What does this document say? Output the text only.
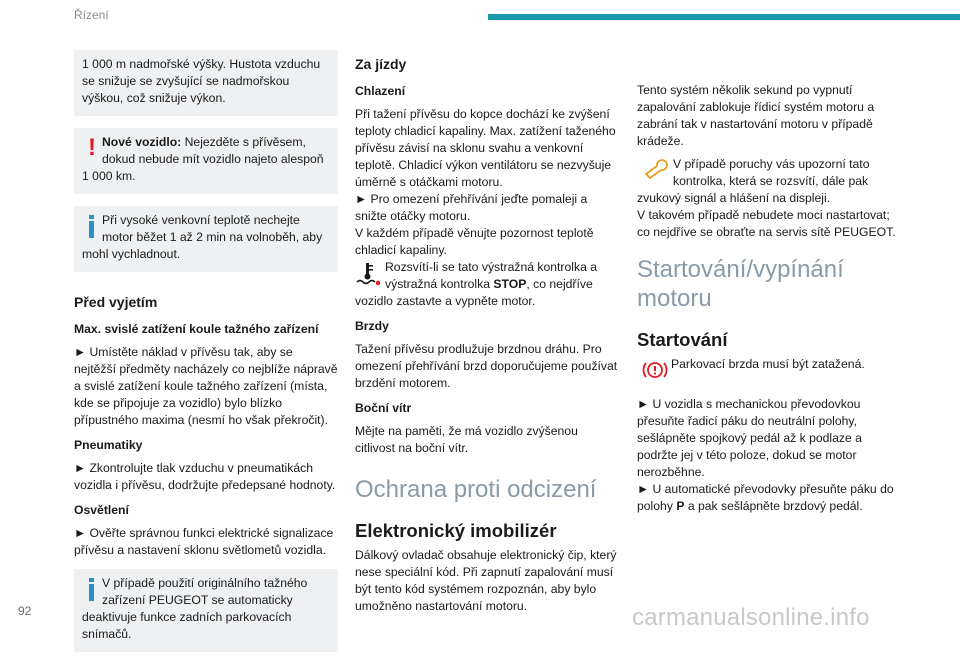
Řízení
1 000 m nadmořské výšky. Hustota vzduchu se snižuje se zvyšující se nadmořskou výškou, což snižuje výkon.
! Nové vozidlo: Nejezděte s přívěsem, dokud nebude mít vozidlo najeto alespoň 1 000 km.
Při vysoké venkovní teplotě nechejte motor běžet 1 až 2 min na volnoběh, aby mohl vychladnout.
Před vyjetím
Max. svislé zatížení koule tažného zařízení

► Umístěte náklad v přívěsu tak, aby se nejtěžší předměty nacházely co nejblíže nápravě a svislé zatížení koule tažného zařízení (místa, kde se připojuje za vozidlo) bylo blízko přípustného maxima (nesmí ho však překročit).

Pneumatiky

► Zkontrolujte tlak vzduchu v pneumatikách vozidla i přívěsu, dodržujte předepsané hodnoty.

Osvětlení

► Ověřte správnou funkci elektrické signalizace přívěsu a nastavení sklonu světlometů vozidla.

V případě použití originálního tažného zařízení PEUGEOT se automaticky deaktivuje funkce zadních parkovacích snímačů.
Za jízdy
Chlazení

Při tažení přívěsu do kopce dochází ke zvýšení teploty chladicí kapaliny. Max. zatížení taženého přívěsu závisí na sklonu svahu a venkovní teplotě. Chladicí výkon ventilátoru se nezvyšuje úměrně s otáčkami motoru.
► Pro omezení přehřívání jeďte pomaleji a snižte otáčky motoru.
V každém případě věnujte pozornost teplotě chladicí kapaliny.

Rozsvítí-li se tato výstražná kontrolka a výstražná kontrolka STOP, co nejdříve vozidlo zastavte a vypněte motor.

Brzdy

Tažení přívěsu prodlužuje brzdnou dráhu. Pro omezení přehřívání brzd doporučujeme používat brzdění motorem.

Boční vítr

Mějte na paměti, že má vozidlo zvýšenou citlivost na boční vítr.

Ochrana proti odcizení
Elektronický imobilizér

Dálkový ovladač obsahuje elektronický čip, který nese speciální kód. Při zapnutí zapalování musí být tento kód systémem rozpoznán, aby bylo umožněno nastartování motoru.

Tento systém několik sekund po vypnutí zapalování zablokuje řídicí systém motoru a zabrání tak v nastartování motoru v případě krádeže.

V případě poruchy vás upozorní tato kontrolka, která se rozsvítí, dále pak zvukový signál a hlášení na displeji.

V takovém případě nebudete moci nastartovat; co nejdříve se obraťte na servis sítě PEUGEOT.

Startování/vypínání motoru
Startování

Parkovací brzda musí být zatažená.

► U vozidla s mechanickou převodovkou přesuňte řadicí páku do neutrální polohy, sešlápněte spojkový pedál až k podlaze a podržte jej v této poloze, dokud se motor nerozběhne.

► U automatické převodovky přesuňte páku do polohy P a pak sešlápněte brzdový pedál.

92	carmanualsonline.info
